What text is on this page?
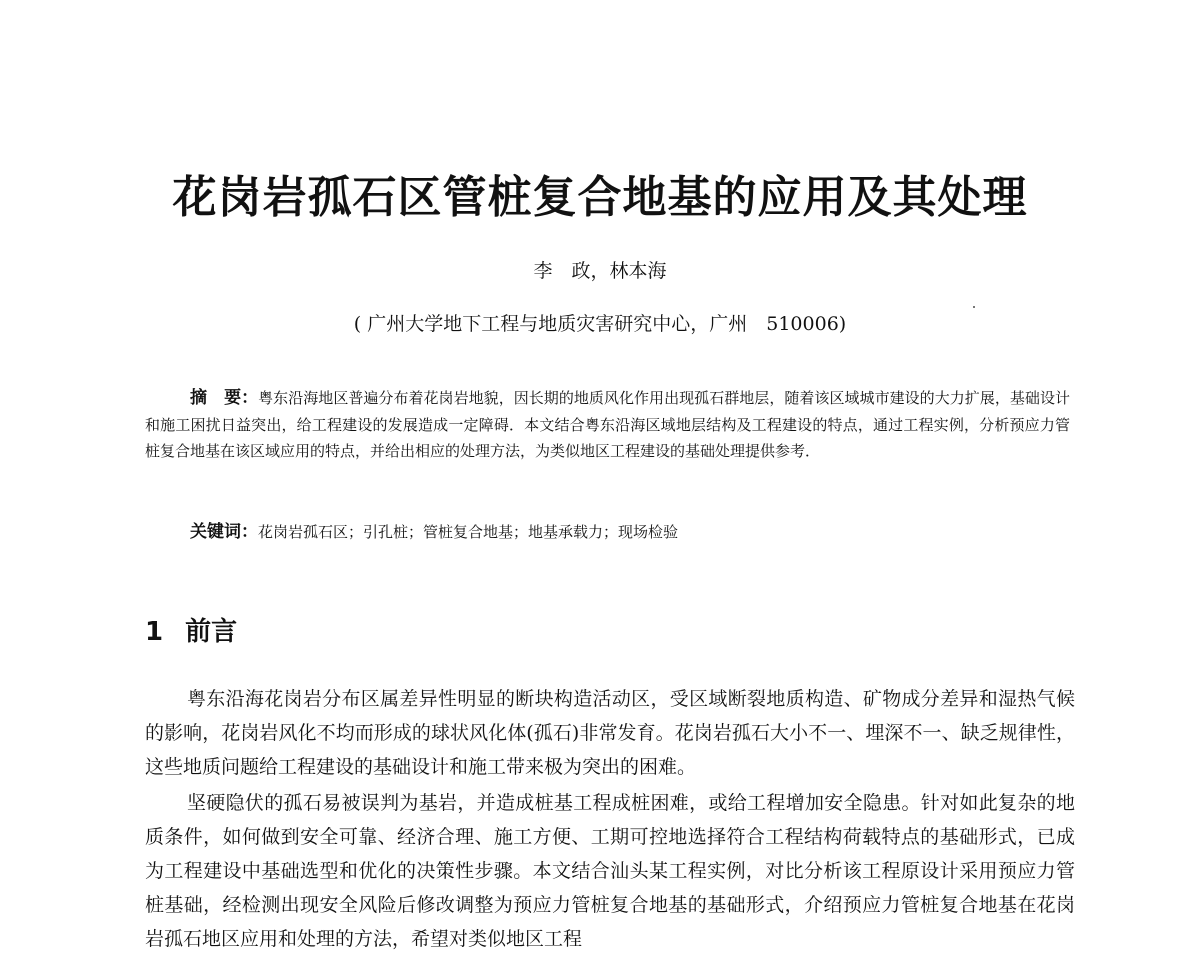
花岗岩孤石区管桩复合地基的应用及其处理
李　政，林本海
( 广州大学地下工程与地质灾害研究中心，广州　510006)

摘　要：粤东沿海地区普遍分布着花岗岩地貌，因长期的地质风化作用出现孤石群地层，随着该区域城市建设的大力扩展，基础设计和施工困扰日益突出，给工程建设的发展造成一定障碍．本文结合粤东沿海区域地层结构及工程建设的特点，通过工程实例，分析预应力管桩复合地基在该区域应用的特点，并给出相应的处理方法，为类似地区工程建设的基础处理提供参考．

关键词：花岗岩孤石区；引孔桩；管桩复合地基；地基承载力；现场检验

1 前言

粤东沿海花岗岩分布区属差异性明显的断块构造活动区，受区域断裂地质构造、矿物成分差异和湿热气候的影响，花岗岩风化不均而形成的球状风化体(孤石)非常发育。花岗岩孤石大小不一、埋深不一、缺乏规律性，这些地质问题给工程建设的基础设计和施工带来极为突出的困难。

坚硬隐伏的孤石易被误判为基岩，并造成桩基工程成桩困难，或给工程增加安全隐患。针对如此复杂的地质条件，如何做到安全可靠、经济合理、施工方便、工期可控地选择符合工程结构荷载特点的基础形式，已成为工程建设中基础选型和优化的决策性步骤。本文结合汕头某工程实例，对比分析该工程原设计采用预应力管桩基础，经检测出现安全风险后修改调整为预应力管桩复合地基的基础形式，介绍预应力管桩复合地基在花岗岩孤石地区应用和处理的方法，希望对类似地区工程
